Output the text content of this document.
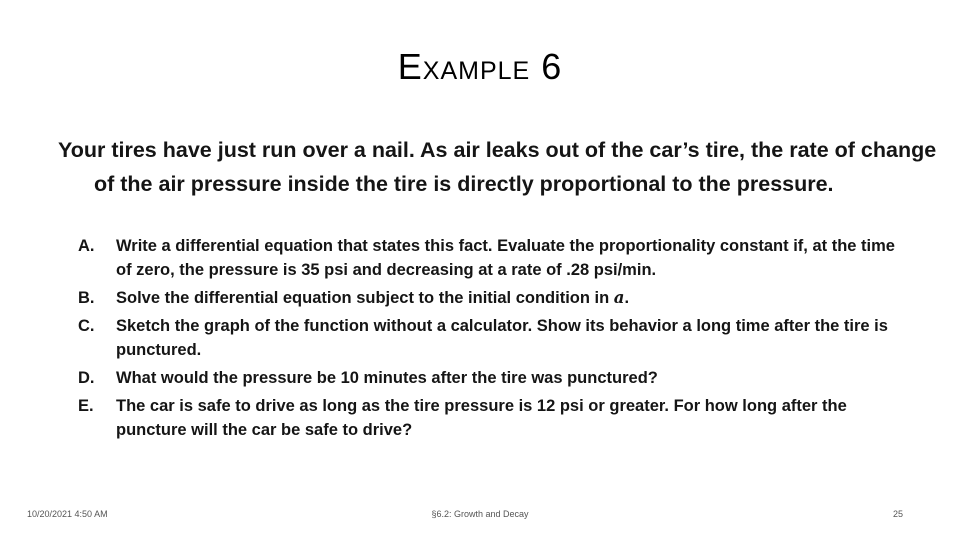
Example 6
Your tires have just run over a nail. As air leaks out of the car’s tire, the rate of change of the air pressure inside the tire is directly proportional to the pressure.
A. Write a differential equation that states this fact. Evaluate the proportionality constant if, at the time of zero, the pressure is 35 psi and decreasing at a rate of .28 psi/min.
B. Solve the differential equation subject to the initial condition in a.
C. Sketch the graph of the function without a calculator. Show its behavior a long time after the tire is punctured.
D. What would the pressure be 10 minutes after the tire was punctured?
E. The car is safe to drive as long as the tire pressure is 12 psi or greater. For how long after the puncture will the car be safe to drive?
10/20/2021 4:50 AM	§6.2: Growth and Decay	25
